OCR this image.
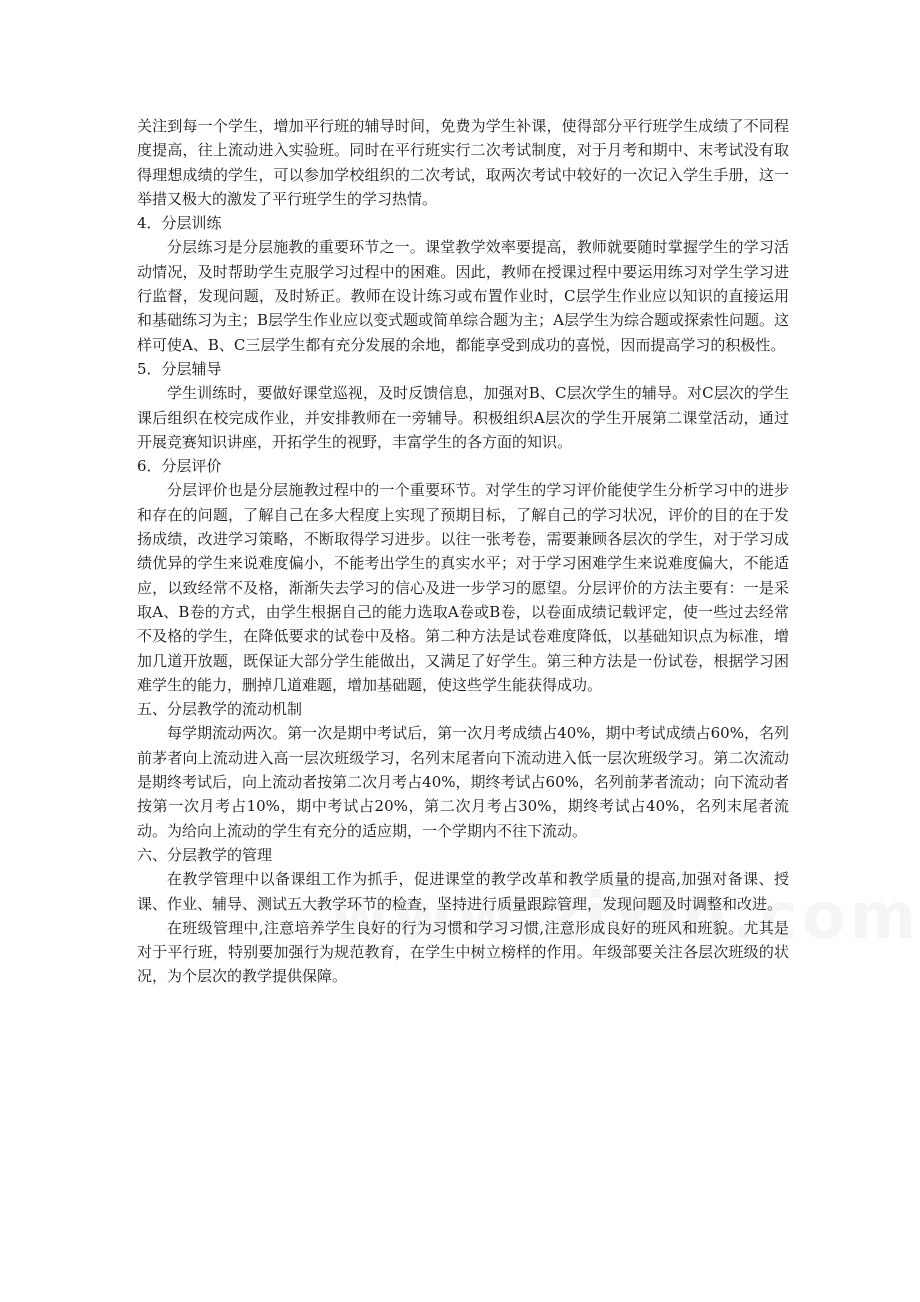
关注到每一个学生，增加平行班的辅导时间，免费为学生补课，使得部分平行班学生成绩了不同程度提高，往上流动进入实验班。同时在平行班实行二次考试制度，对于月考和期中、末考试没有取得理想成绩的学生，可以参加学校组织的二次考试，取两次考试中较好的一次记入学生手册，这一举措又极大的激发了平行班学生的学习热情。

4．分层训练

分层练习是分层施教的重要环节之一。课堂教学效率要提高，教师就要随时掌握学生的学习活动情况，及时帮助学生克服学习过程中的困难。因此，教师在授课过程中要运用练习对学生学习进行监督，发现问题，及时矫正。教师在设计练习或布置作业时，C层学生作业应以知识的直接运用和基础练习为主；B层学生作业应以变式题或简单综合题为主；A层学生为综合题或探索性问题。这样可使A、B、C三层学生都有充分发展的余地，都能享受到成功的喜悦，因而提高学习的积极性。

5．分层辅导

学生训练时，要做好课堂巡视，及时反馈信息，加强对B、C层次学生的辅导。对C层次的学生课后组织在校完成作业，并安排教师在一旁辅导。积极组织A层次的学生开展第二课堂活动，通过开展竞赛知识讲座，开拓学生的视野，丰富学生的各方面的知识。

6．分层评价

分层评价也是分层施教过程中的一个重要环节。对学生的学习评价能使学生分析学习中的进步和存在的问题，了解自己在多大程度上实现了预期目标，了解自己的学习状况，评价的目的在于发扬成绩，改进学习策略，不断取得学习进步。以往一张考卷，需要兼顾各层次的学生，对于学习成绩优异的学生来说难度偏小，不能考出学生的真实水平；对于学习困难学生来说难度偏大，不能适应，以致经常不及格，渐渐失去学习的信心及进一步学习的愿望。分层评价的方法主要有：一是采取A、B卷的方式，由学生根据自己的能力选取A卷或B卷，以卷面成绩记载评定，使一些过去经常不及格的学生，在降低要求的试卷中及格。第二种方法是试卷难度降低，以基础知识点为标准，增加几道开放题，既保证大部分学生能做出，又满足了好学生。第三种方法是一份试卷，根据学习困难学生的能力，删掉几道难题，增加基础题，使这些学生能获得成功。

五、分层教学的流动机制

每学期流动两次。第一次是期中考试后，第一次月考成绩占40%，期中考试成绩占60%，名列前茅者向上流动进入高一层次班级学习，名列末尾者向下流动进入低一层次班级学习。第二次流动是期终考试后，向上流动者按第二次月考占40%，期终考试占60%，名列前茅者流动；向下流动者按第一次月考占10%，期中考试占20%，第二次月考占30%，期终考试占40%，名列末尾者流动。为给向上流动的学生有充分的适应期，一个学期内不往下流动。

六、分层教学的管理

在教学管理中以备课组工作为抓手，促进课堂的教学改革和教学质量的提高,加强对备课、授课、作业、辅导、测试五大教学环节的检查，坚持进行质量跟踪管理，发现问题及时调整和改进。

在班级管理中,注意培养学生良好的行为习惯和学习习惯,注意形成良好的班风和班貌。尤其是对于平行班，特别要加强行为规范教育，在学生中树立榜样的作用。年级部要关注各层次班级的状况，为个层次的教学提供保障。
